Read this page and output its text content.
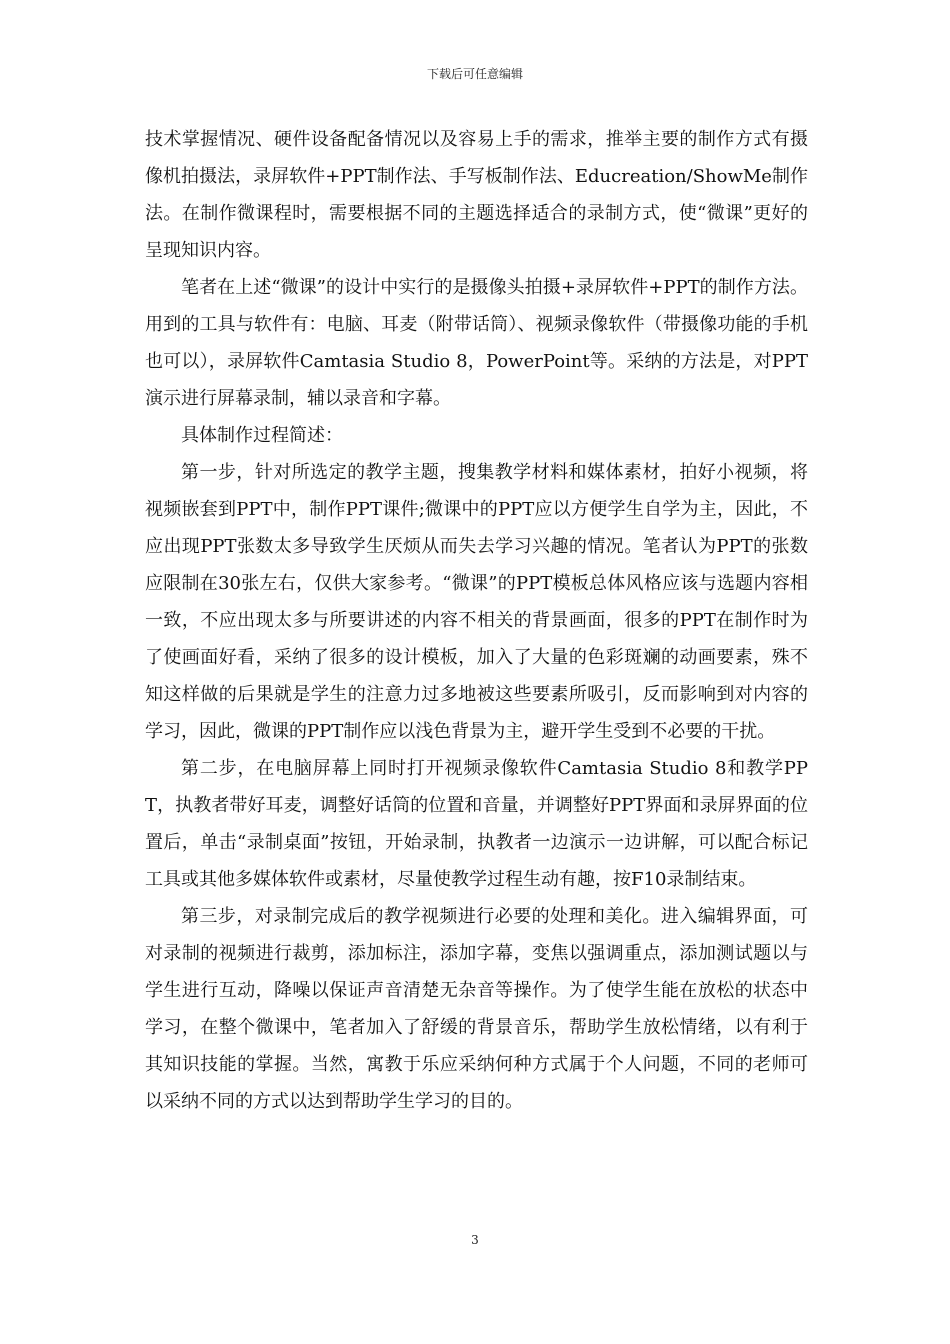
下载后可任意编辑

技术掌握情况、硬件设备配备情况以及容易上手的需求，推举主要的制作方式有摄像机拍摄法，录屏软件+PPT制作法、手写板制作法、Educreation/ShowMe制作法。在制作微课程时，需要根据不同的主题选择适合的录制方式，使“微课”更好的呈现知识内容。

笔者在上述“微课”的设计中实行的是摄像头拍摄+录屏软件+PPT的制作方法。用到的工具与软件有：电脑、耳麦（附带话筒）、视频录像软件（带摄像功能的手机也可以），录屏软件Camtasia Studio 8，PowerPoint等。采纳的方法是，对PPT演示进行屏幕录制，辅以录音和字幕。

具体制作过程简述：

第一步，针对所选定的教学主题，搜集教学材料和媒体素材，拍好小视频，将视频嵌套到PPT中，制作PPT课件;微课中的PPT应以方便学生自学为主，因此，不应出现PPT张数太多导致学生厌烦从而失去学习兴趣的情况。笔者认为PPT的张数应限制在30张左右，仅供大家参考。“微课”的PPT模板总体风格应该与选题内容相一致，不应出现太多与所要讲述的内容不相关的背景画面，很多的PPT在制作时为了使画面好看，采纳了很多的设计模板，加入了大量的色彩斑斓的动画要素，殊不知这样做的后果就是学生的注意力过多地被这些要素所吸引，反而影响到对内容的学习，因此，微课的PPT制作应以浅色背景为主，避开学生受到不必要的干扰。

第二步，在电脑屏幕上同时打开视频录像软件Camtasia Studio 8和教学PPT，执教者带好耳麦，调整好话筒的位置和音量，并调整好PPT界面和录屏界面的位置后，单击“录制桌面”按钮，开始录制，执教者一边演示一边讲解，可以配合标记工具或其他多媒体软件或素材，尽量使教学过程生动有趣，按F10录制结束。

第三步，对录制完成后的教学视频进行必要的处理和美化。进入编辑界面，可对录制的视频进行裁剪，添加标注，添加字幕，变焦以强调重点，添加测试题以与学生进行互动，降噪以保证声音清楚无杂音等操作。为了使学生能在放松的状态中学习，在整个微课中，笔者加入了舒缓的背景音乐，帮助学生放松情绪，以有利于其知识技能的掌握。当然，寓教于乐应采纳何种方式属于个人问题，不同的老师可以采纳不同的方式以达到帮助学生学习的目的。

3
